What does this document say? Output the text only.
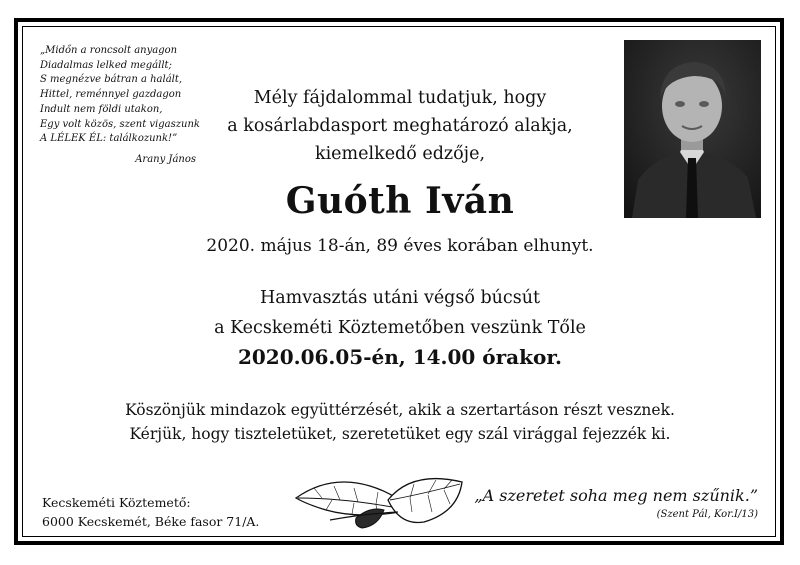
„Midőn a roncsolt anyagon
Diadalmas lelked megállt;
S megnézve bátran a halált,
Hittel, reménnyel gazdagon
Indult nem földi utakon,
Egy volt közös, szent vigaszunk
A LÉLEK ÉL: találkozunk!”
Arany János
Mély fájdalommal tudatjuk, hogy
a kosárlabdasport meghatározó alakja,
kiemelkedő edzője,
Guóth Iván
2020. május 18-án, 89 éves korában elhunyt.
Hamvasztás utáni végső búcsút
a Kecskeméti Köztemetőben veszünk Tőle
2020.06.05-én, 14.00 órakor.
Köszönjük mindazok együttérzését, akik a szertartáson részt vesznek.
Kérjük, hogy tiszteletüket, szeretetüket egy szál virággal fejezzék ki.
Kecskeméti Köztemető:
6000 Kecskemét, Béke fasor 71/A.
„A szeretet soha meg nem szűnik.”
(Szent Pál, Kor.I/13)
